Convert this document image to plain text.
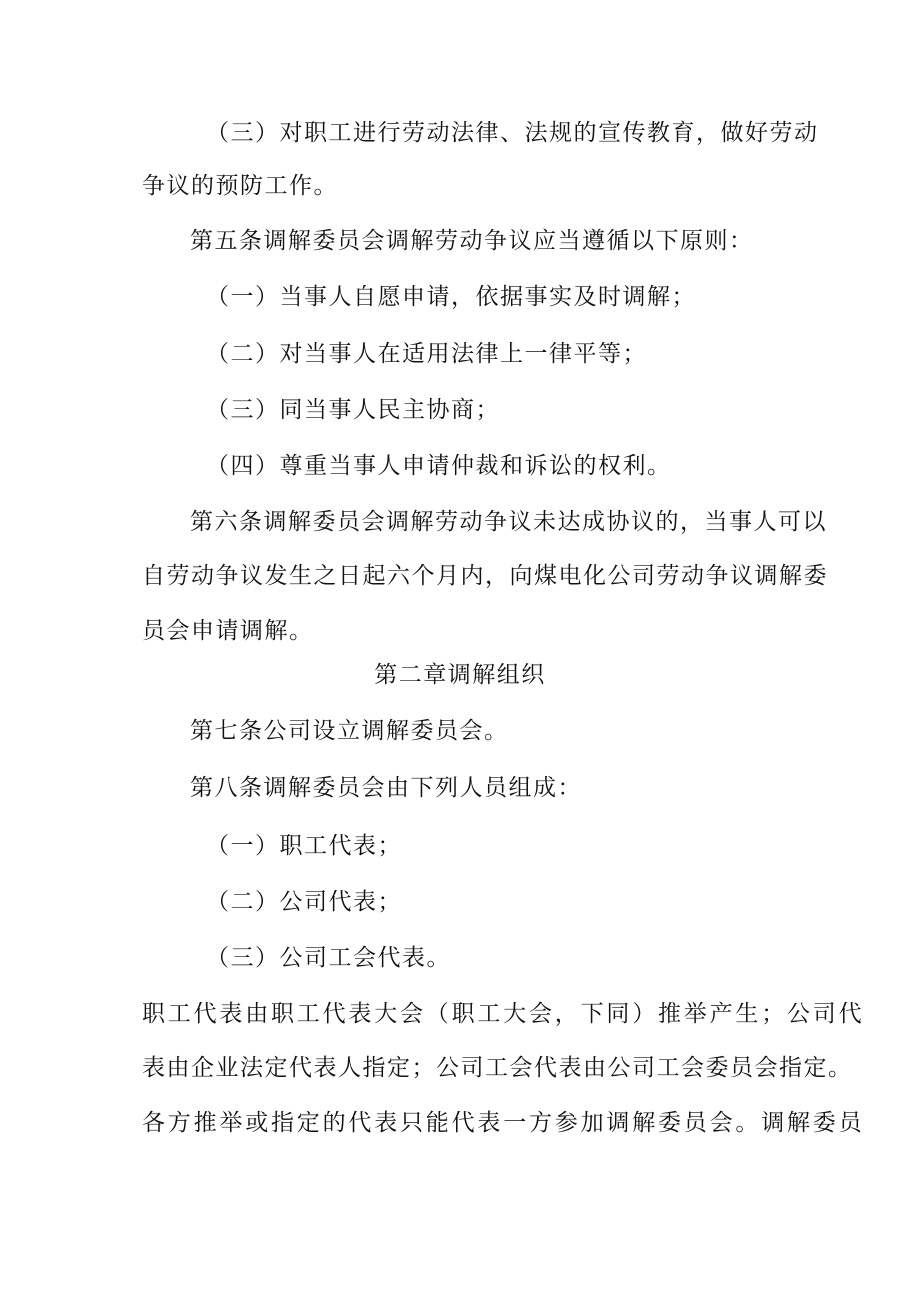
（三）对职工进行劳动法律、法规的宣传教育，做好劳动
争议的预防工作。
第五条调解委员会调解劳动争议应当遵循以下原则：
（一）当事人自愿申请，依据事实及时调解；
（二）对当事人在适用法律上一律平等；
（三）同当事人民主协商；
（四）尊重当事人申请仲裁和诉讼的权利。
第六条调解委员会调解劳动争议未达成协议的，当事人可以
自劳动争议发生之日起六个月内，向煤电化公司劳动争议调解委
员会申请调解。
第二章调解组织
第七条公司设立调解委员会。
第八条调解委员会由下列人员组成：
（一）职工代表；
（二）公司代表；
（三）公司工会代表。
职工代表由职工代表大会（职工大会，下同）推举产生；公司代
表由企业法定代表人指定；公司工会代表由公司工会委员会指定。
各方推举或指定的代表只能代表一方参加调解委员会。调解委员
